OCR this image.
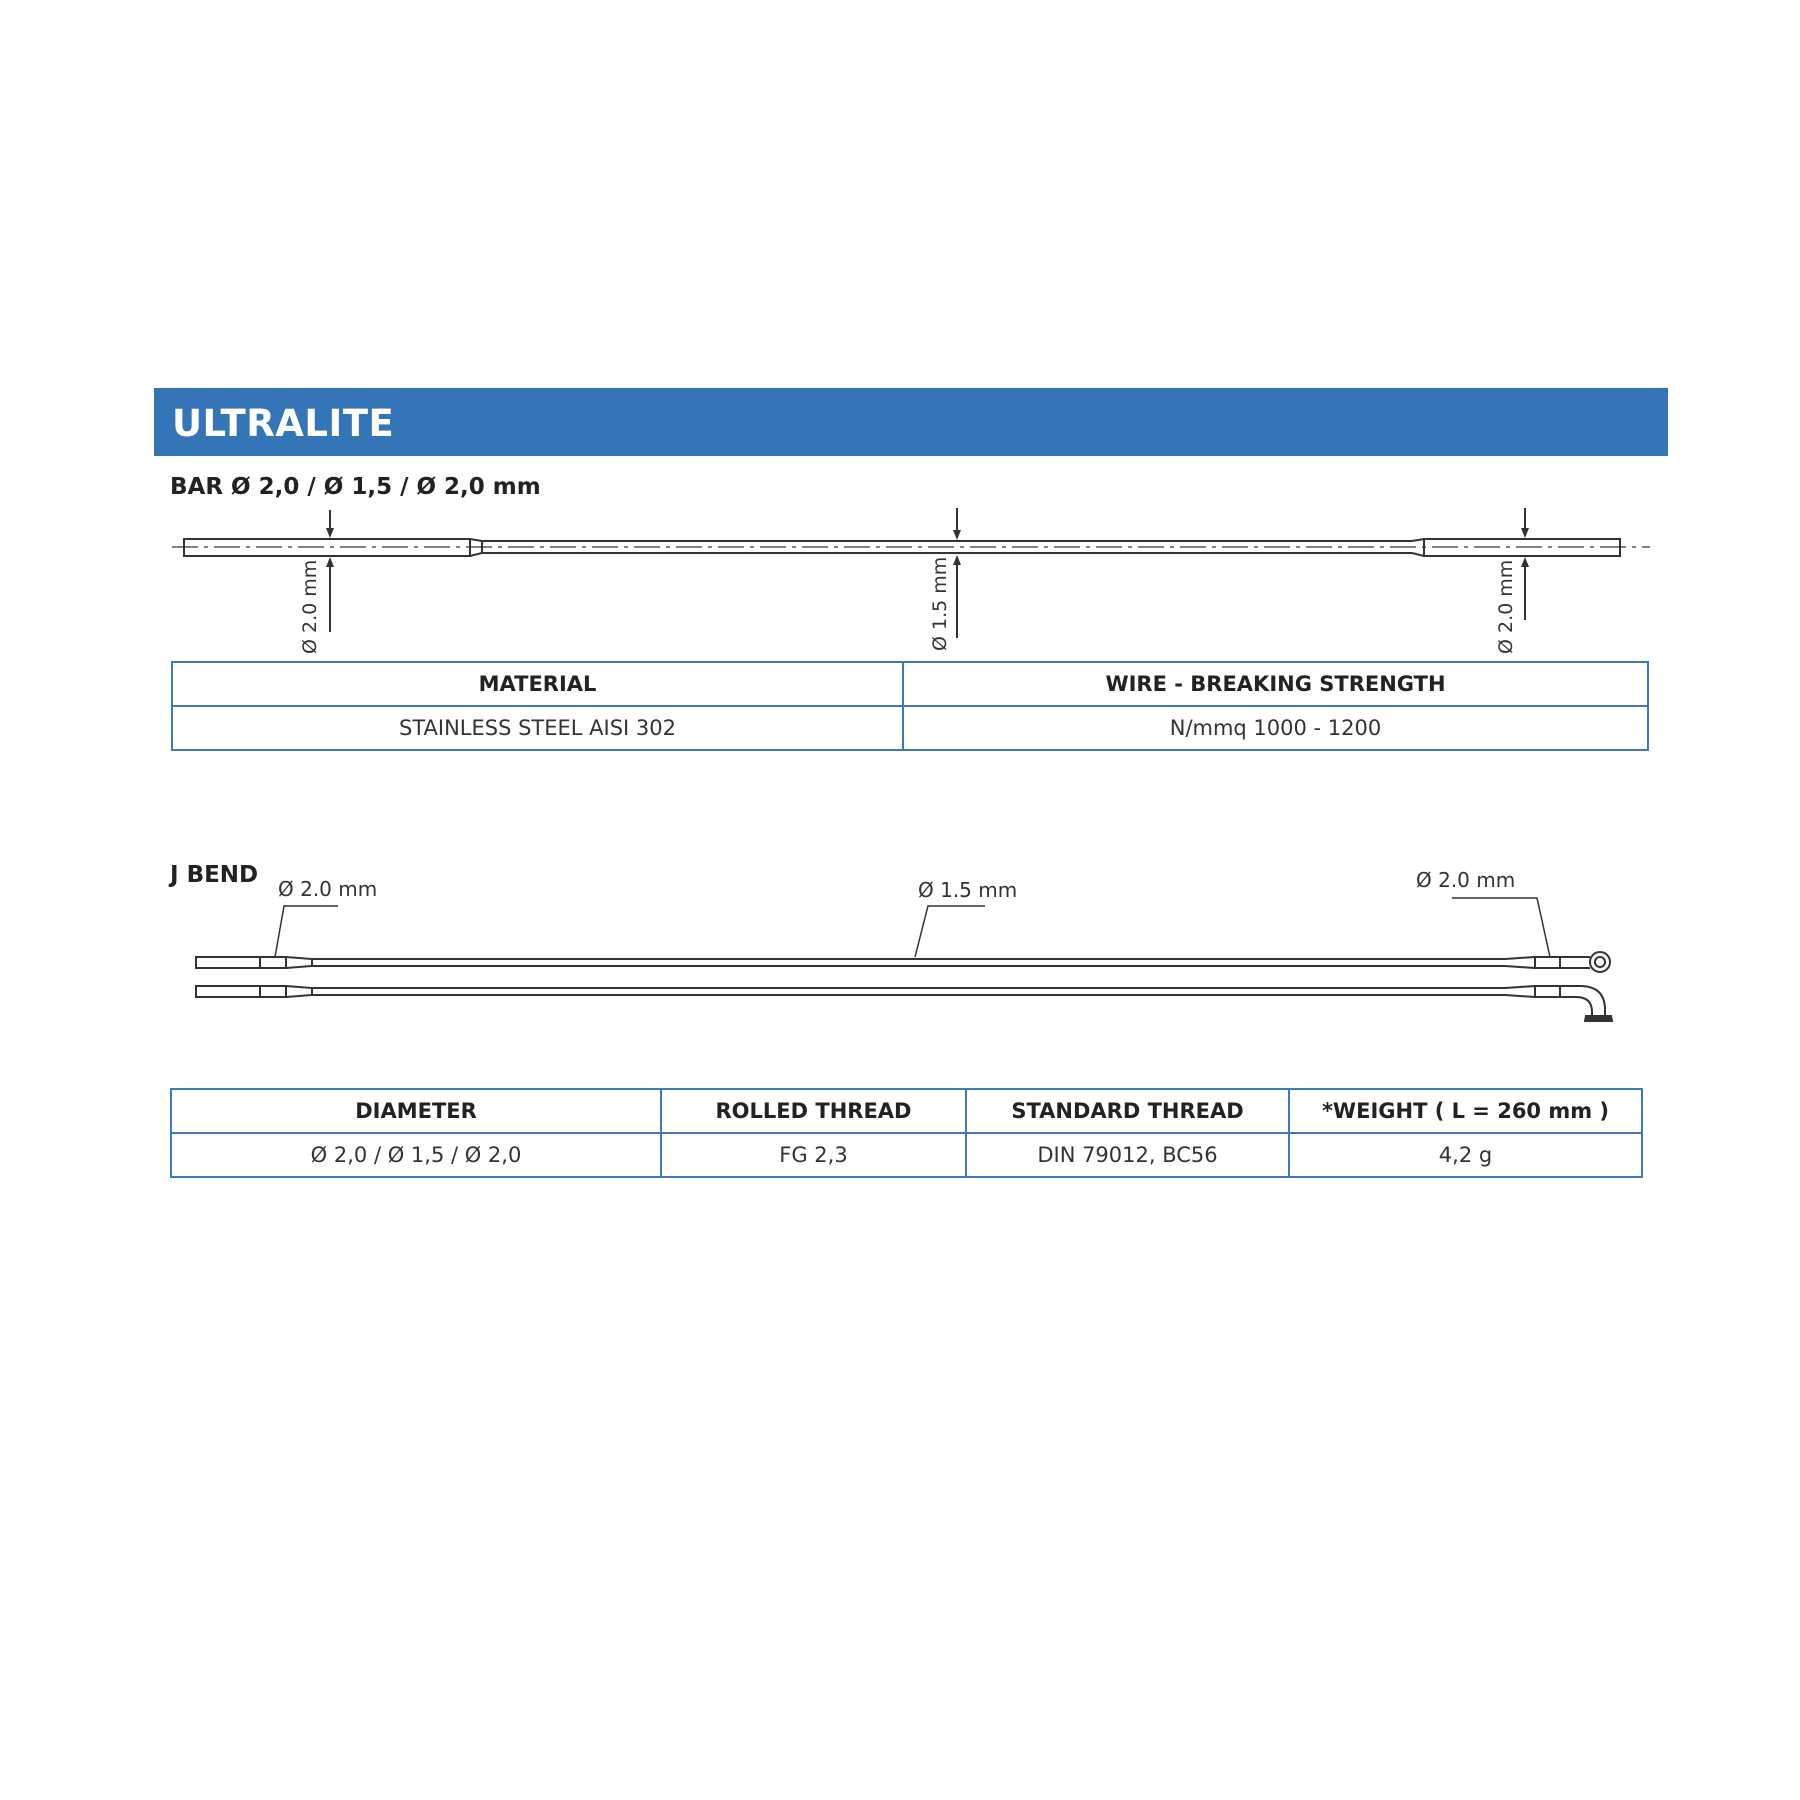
ULTRALITE
BAR Ø 2,0 / Ø 1,5 / Ø 2,0 mm
Ø 2.0 mm	Ø 1.5 mm	Ø 2.0 mm
Ø 2.0 mm	Ø 1.5 mm	Ø 2.0 mm
MATERIAL	WIRE - BREAKING STRENGTH
STAINLESS STEEL AISI 302	N/mmq 1000 - 1200
J BEND
DIAMETER	ROLLED THREAD	STANDARD THREAD	*WEIGHT ( L = 260 mm )
Ø 2,0 / Ø 1,5 / Ø 2,0	FG 2,3	DIN 79012, BC56	4,2 g
